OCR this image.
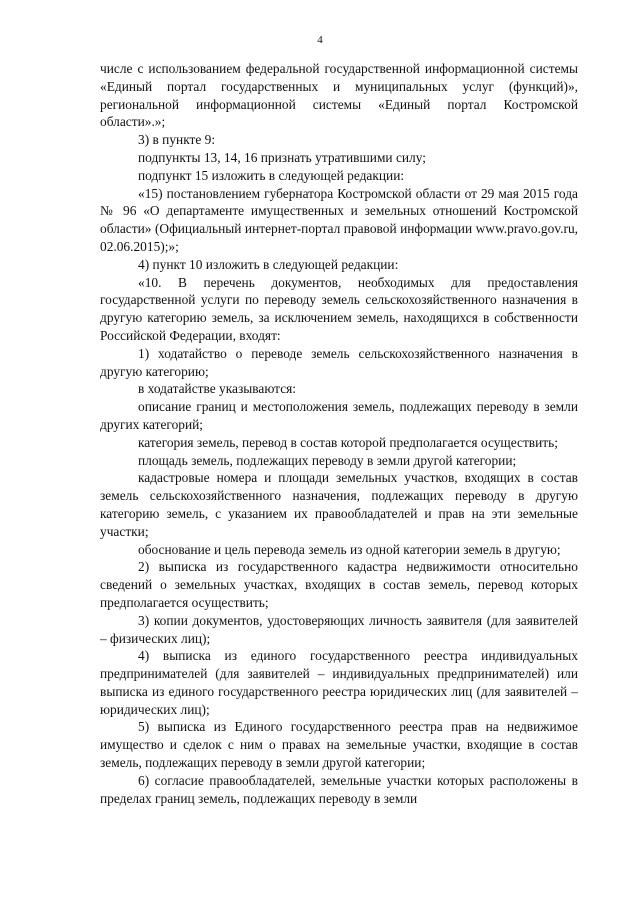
4

числе с использованием федеральной государственной информационной системы «Единый портал государственных и муниципальных услуг (функций)», региональной информационной системы «Единый портал Костромской области».»;

3) в пункте 9:

подпункты 13, 14, 16 признать утратившими силу;

подпункт 15 изложить в следующей редакции:

«15) постановлением губернатора Костромской области от 29 мая 2015 года № 96 «О департаменте имущественных и земельных отношений Костромской области» (Официальный интернет-портал правовой информации www.pravo.gov.ru, 02.06.2015);»;

4) пункт 10 изложить в следующей редакции:

«10. В перечень документов, необходимых для предоставления государственной услуги по переводу земель сельскохозяйственного назначения в другую категорию земель, за исключением земель, находящихся в собственности Российской Федерации, входят:

1) ходатайство о переводе земель сельскохозяйственного назначения в другую категорию;

в ходатайстве указываются:

описание границ и местоположения земель, подлежащих переводу в земли других категорий;

категория земель, перевод в состав которой предполагается осуществить;

площадь земель, подлежащих переводу в земли другой категории;

кадастровые номера и площади земельных участков, входящих в состав земель сельскохозяйственного назначения, подлежащих переводу в другую категорию земель, с указанием их правообладателей и прав на эти земельные участки;

обоснование и цель перевода земель из одной категории земель в другую;

2) выписка из государственного кадастра недвижимости относительно сведений о земельных участках, входящих в состав земель, перевод которых предполагается осуществить;

3) копии документов, удостоверяющих личность заявителя (для заявителей – физических лиц);

4) выписка из единого государственного реестра индивидуальных предпринимателей (для заявителей – индивидуальных предпринимателей) или выписка из единого государственного реестра юридических лиц (для заявителей – юридических лиц);

5) выписка из Единого государственного реестра прав на недвижимое имущество и сделок с ним о правах на земельные участки, входящие в состав земель, подлежащих переводу в земли другой категории;

6) согласие правообладателей, земельные участки которых расположены в пределах границ земель, подлежащих переводу в земли
